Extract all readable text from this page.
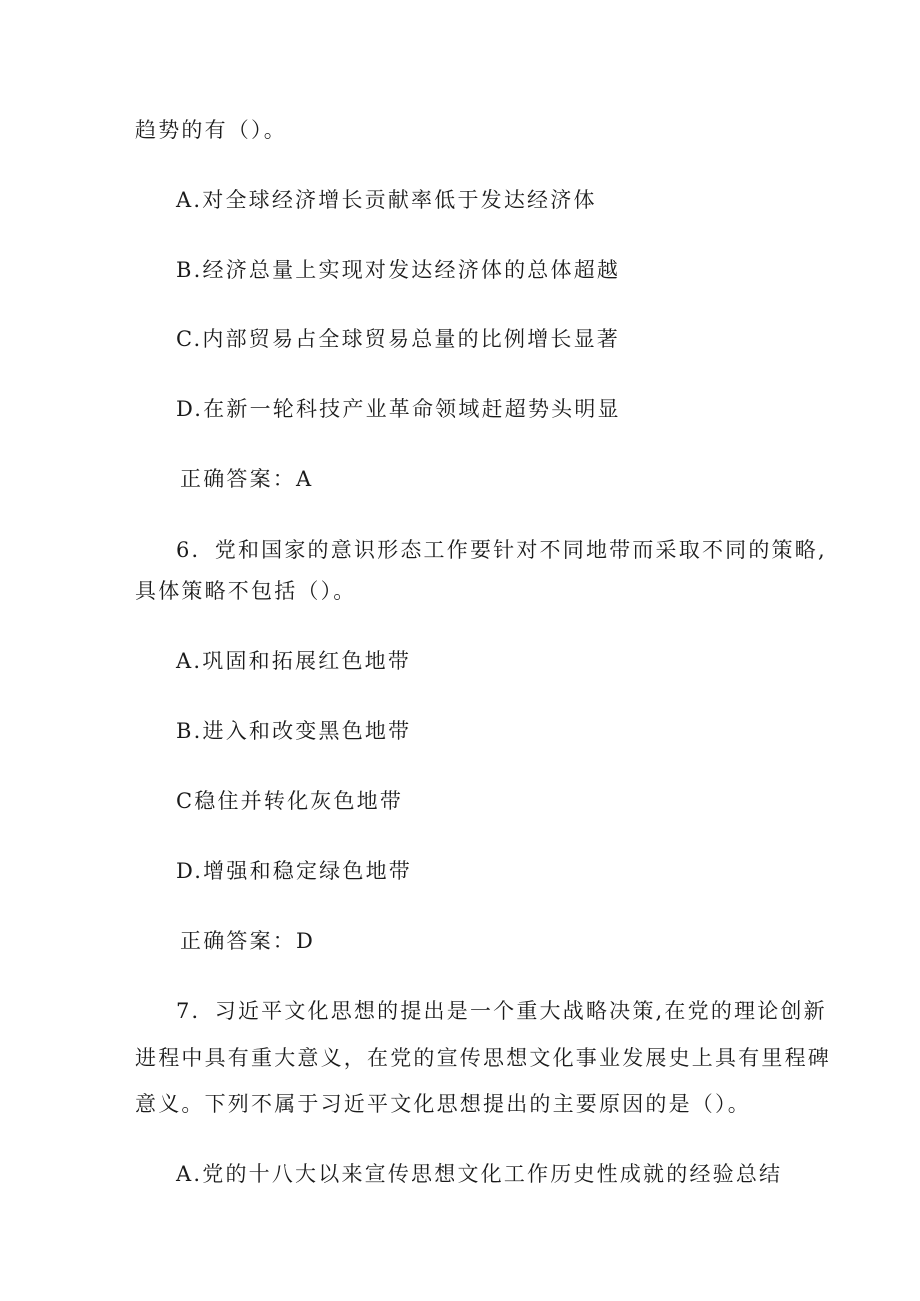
趋势的有（）。
A.对全球经济增长贡献率低于发达经济体
B.经济总量上实现对发达经济体的总体超越
C.内部贸易占全球贸易总量的比例增长显著
D.在新一轮科技产业革命领域赶超势头明显
正确答案：A
6．党和国家的意识形态工作要针对不同地带而采取不同的策略,
具体策略不包括（）。
A.巩固和拓展红色地带
B.进入和改变黑色地带
C稳住并转化灰色地带
D.增强和稳定绿色地带
正确答案：D
7．习近平文化思想的提出是一个重大战略决策,在党的理论创新
进程中具有重大意义，在党的宣传思想文化事业发展史上具有里程碑
意义。下列不属于习近平文化思想提出的主要原因的是（）。
A.党的十八大以来宣传思想文化工作历史性成就的经验总结
